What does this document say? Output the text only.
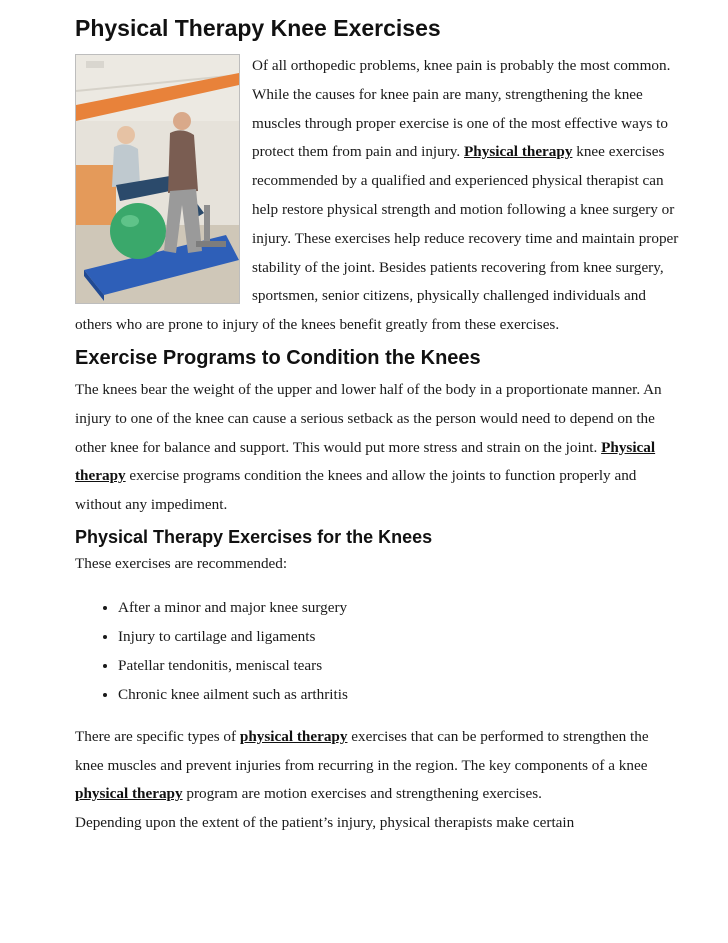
Physical Therapy Knee Exercises

Of all orthopedic problems, knee pain is probably the most common. While the causes for knee pain are many, strengthening the knee muscles through proper exercise is one of the most effective ways to protect them from pain and injury. Physical therapy knee exercises recommended by a qualified and experienced physical therapist can help restore physical strength and motion following a knee surgery or injury. These exercises help reduce recovery time and maintain proper stability of the joint. Besides patients recovering from knee surgery, sportsmen, senior citizens, physically challenged individuals and others who are prone to injury of the knees benefit greatly from these exercises.

Exercise Programs to Condition the Knees

The knees bear the weight of the upper and lower half of the body in a proportionate manner. An injury to one of the knee can cause a serious setback as the person would need to depend on the other knee for balance and support. This would put more stress and strain on the joint. Physical therapy exercise programs condition the knees and allow the joints to function properly and without any impediment.

Physical Therapy Exercises for the Knees

These exercises are recommended:

• After a minor and major knee surgery
• Injury to cartilage and ligaments
• Patellar tendonitis, meniscal tears
• Chronic knee ailment such as arthritis

There are specific types of physical therapy exercises that can be performed to strengthen the knee muscles and prevent injuries from recurring in the region. The key components of a knee physical therapy program are motion exercises and strengthening exercises.

Depending upon the extent of the patient’s injury, physical therapists make certain
